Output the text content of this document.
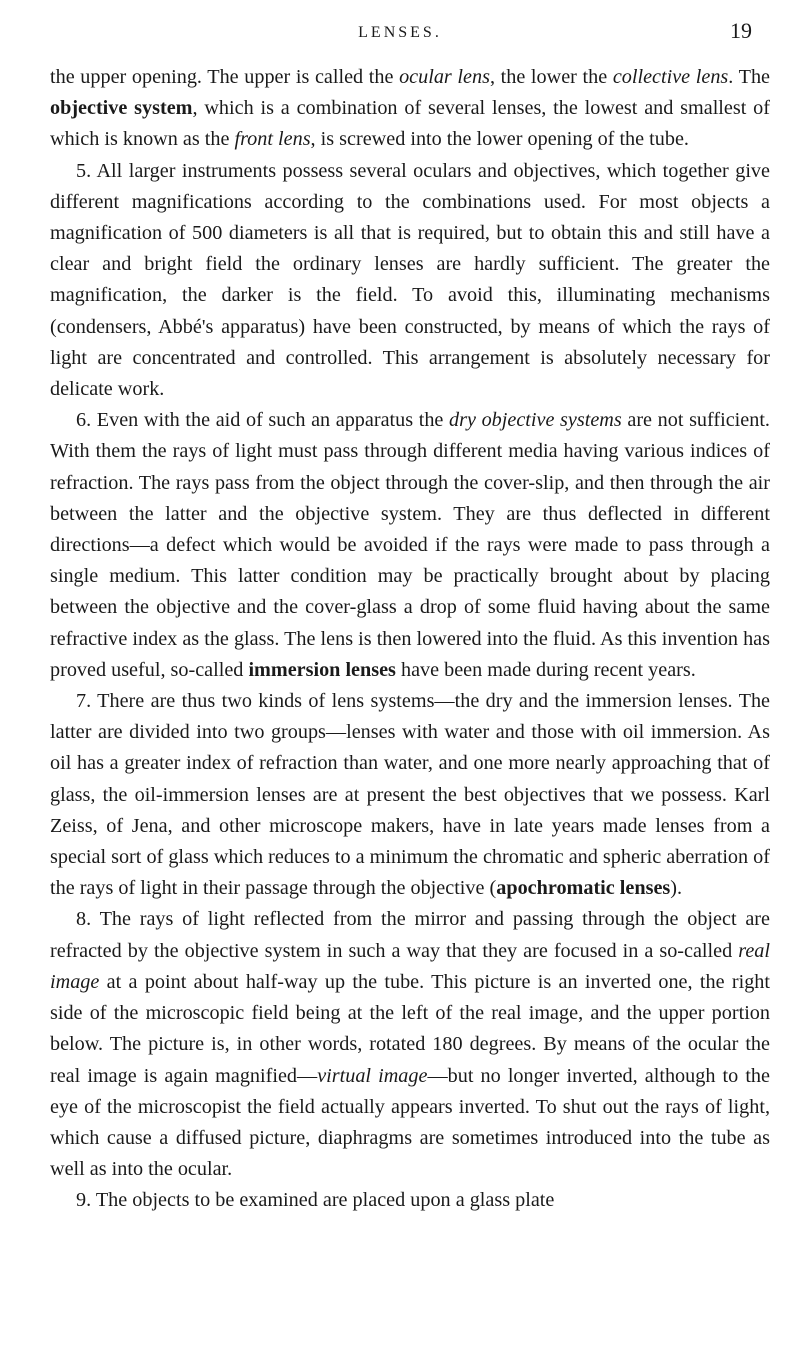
LENSES.	19

the upper opening. The upper is called the ocular lens, the lower the collective lens. The objective system, which is a combination of several lenses, the lowest and smallest of which is known as the front lens, is screwed into the lower opening of the tube.

5. All larger instruments possess several oculars and objectives, which together give different magnifications according to the combinations used. For most objects a magnification of 500 diameters is all that is required, but to obtain this and still have a clear and bright field the ordinary lenses are hardly sufficient. The greater the magnification, the darker is the field. To avoid this, illuminating mechanisms (condensers, Abbé's apparatus) have been constructed, by means of which the rays of light are concentrated and controlled. This arrangement is absolutely necessary for delicate work.

6. Even with the aid of such an apparatus the dry objective systems are not sufficient. With them the rays of light must pass through different media having various indices of refraction. The rays pass from the object through the cover-slip, and then through the air between the latter and the objective system. They are thus deflected in different directions—a defect which would be avoided if the rays were made to pass through a single medium. This latter condition may be practically brought about by placing between the objective and the cover-glass a drop of some fluid having about the same refractive index as the glass. The lens is then lowered into the fluid. As this invention has proved useful, so-called immersion lenses have been made during recent years.

7. There are thus two kinds of lens systems—the dry and the immersion lenses. The latter are divided into two groups—lenses with water and those with oil immersion. As oil has a greater index of refraction than water, and one more nearly approaching that of glass, the oil-immersion lenses are at present the best objectives that we possess. Karl Zeiss, of Jena, and other microscope makers, have in late years made lenses from a special sort of glass which reduces to a minimum the chromatic and spheric aberration of the rays of light in their passage through the objective (apochromatic lenses).

8. The rays of light reflected from the mirror and passing through the object are refracted by the objective system in such a way that they are focused in a so-called real image at a point about half-way up the tube. This picture is an inverted one, the right side of the microscopic field being at the left of the real image, and the upper portion below. The picture is, in other words, rotated 180 degrees. By means of the ocular the real image is again magnified—virtual image—but no longer inverted, although to the eye of the microscopist the field actually appears inverted. To shut out the rays of light, which cause a diffused picture, diaphragms are sometimes introduced into the tube as well as into the ocular.

9. The objects to be examined are placed upon a glass plate
